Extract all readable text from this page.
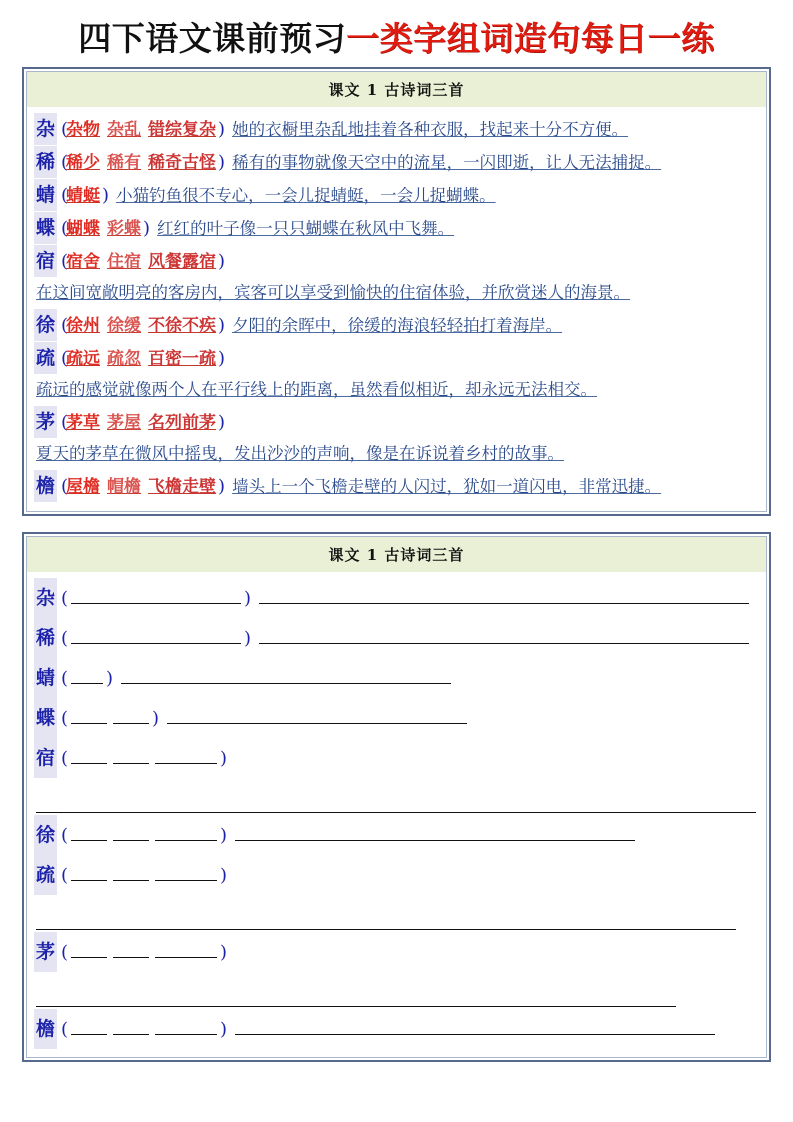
四下语文课前预习一类字组词造句每日一练
课文 1 古诗词三首
杂 ( 杂物 杂乱 错综复杂 ) 她的衣橱里杂乱地挂着各种衣服，找起来十分不方便。
稀 ( 稀少 稀有 稀奇古怪 ) 稀有的事物就像天空中的流星，一闪即逝，让人无法捕捉。
蜻 ( 蜻蜓 ) 小猫钓鱼很不专心，一会儿捉蜻蜓，一会儿捉蝴蝶。
蝶 ( 蝴蝶 彩蝶 ) 红红的叶子像一只只蝴蝶在秋风中飞舞。
宿 ( 宿舍 住宿 风餐露宿 )
在这间宽敞明亮的客房内，宾客可以享受到愉快的住宿体验，并欣赏迷人的海景。
徐 ( 徐州 徐缓 不徐不疾 ) 夕阳的余晖中，徐缓的海浪轻轻拍打着海岸。
疏 ( 疏远 疏忽 百密一疏 )
疏远的感觉就像两个人在平行线上的距离，虽然看似相近，却永远无法相交。
茅 ( 茅草 茅屋 名列前茅 )
夏天的茅草在微风中摇曳，发出沙沙的声响，像是在诉说着乡村的故事。
檐 ( 屋檐 帽檐 飞檐走壁 ) 墙头上一个飞檐走壁的人闪过，犹如一道闪电，非常迅捷。
课文 1 古诗词三首
杂 (	)
稀 (	)
蜻 ( )
蝶 (	)
宿 (	)
徐 (	)
疏 (	)
茅 (	)
檐 (	)
